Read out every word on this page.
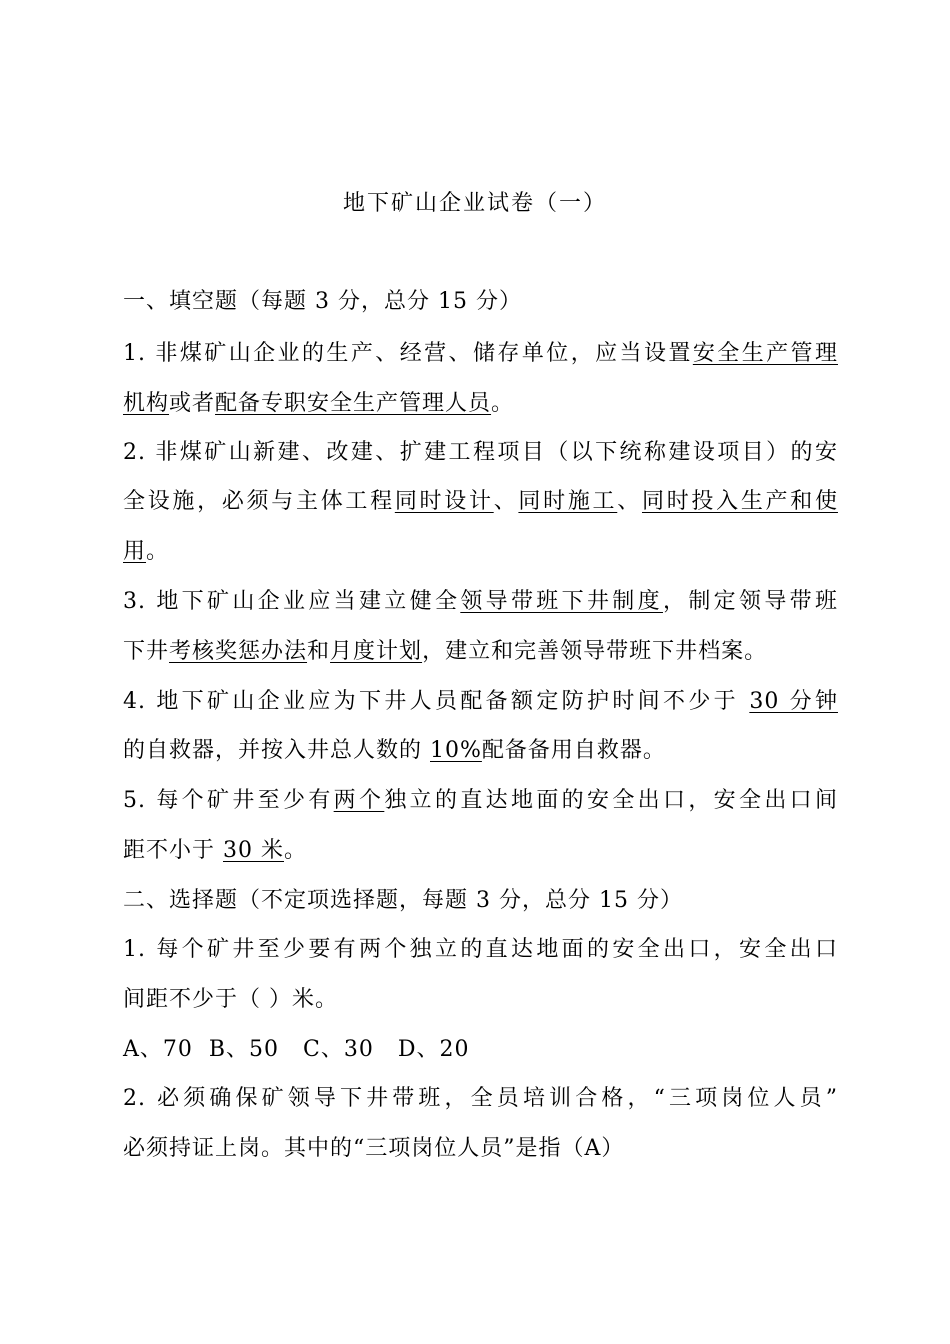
地下矿山企业试卷（一）
一、填空题（每题 3 分，总分 15 分）
1. 非煤矿山企业的生产、经营、储存单位，应当设置安全生产管理
机构或者配备专职安全生产管理人员。
2. 非煤矿山新建、改建、扩建工程项目（以下统称建设项目）的安
全设施，必须与主体工程同时设计、同时施工、同时投入生产和使
用。
3. 地下矿山企业应当建立健全领导带班下井制度，制定领导带班
下井考核奖惩办法和月度计划，建立和完善领导带班下井档案。
4. 地下矿山企业应为下井人员配备额定防护时间不少于 30 分钟
的自救器，并按入井总人数的 10%配备备用自救器。
5. 每个矿井至少有两个独立的直达地面的安全出口，安全出口间
距不小于 30 米。
二、选择题（不定项选择题，每题 3 分，总分 15 分）
1. 每个矿井至少要有两个独立的直达地面的安全出口，安全出口
间距不少于（ ）米。
A、70  B、50   C、30   D、20
2. 必须确保矿领导下井带班，全员培训合格，“三项岗位人员”
必须持证上岗。其中的“三项岗位人员”是指（A）
